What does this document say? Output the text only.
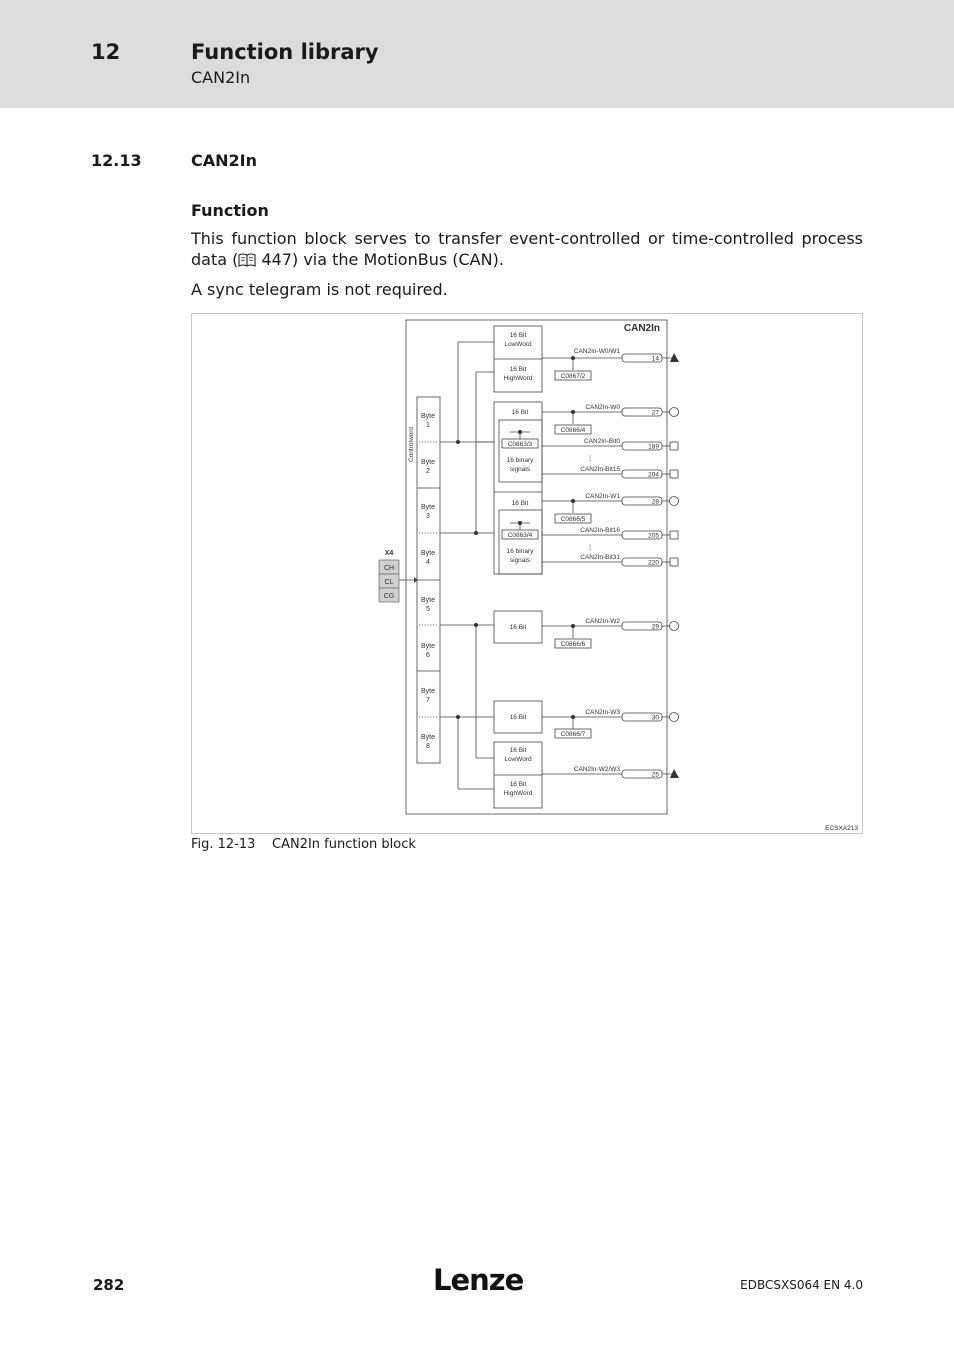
12	Function library
CAN2In
12.13	CAN2In
Function
This function block serves to transfer event-controlled or time-controlled process data ( 447) via the MotionBus (CAN).
A sync telegram is not required.
X4
CH
CL
CG
CAN2In
Controlword
Byte
1
Byte
2
Byte
3
Byte
4
Byte
5
Byte
6
Byte
7
Byte
8
16 Bit
LowWord
16 Bit
HighWord
16 Bit
16 binary
signals
16 Bit
16 binary
signals
16 Bit
16 Bit
16 Bit
LowWord
16 Bit
HighWord
C0867/2
C0866/4
C0863/3
C0866/5
C0863/4
C0866/6
C0866/7
CAN2In-W0/W1
CAN2In-W0
CAN2In-Bit0
CAN2In-Bit15
CAN2In-W1
CAN2In-Bit16
CAN2In-Bit31
CAN2In-W2
CAN2In-W3
CAN2In-W2/W3
⋮
⋮
14
27
189
204
28
205
220
29
30
25
ECSXA213
Fig. 12-13 CAN2In function block
282	Lenze	EDBCSXS064 EN 4.0
